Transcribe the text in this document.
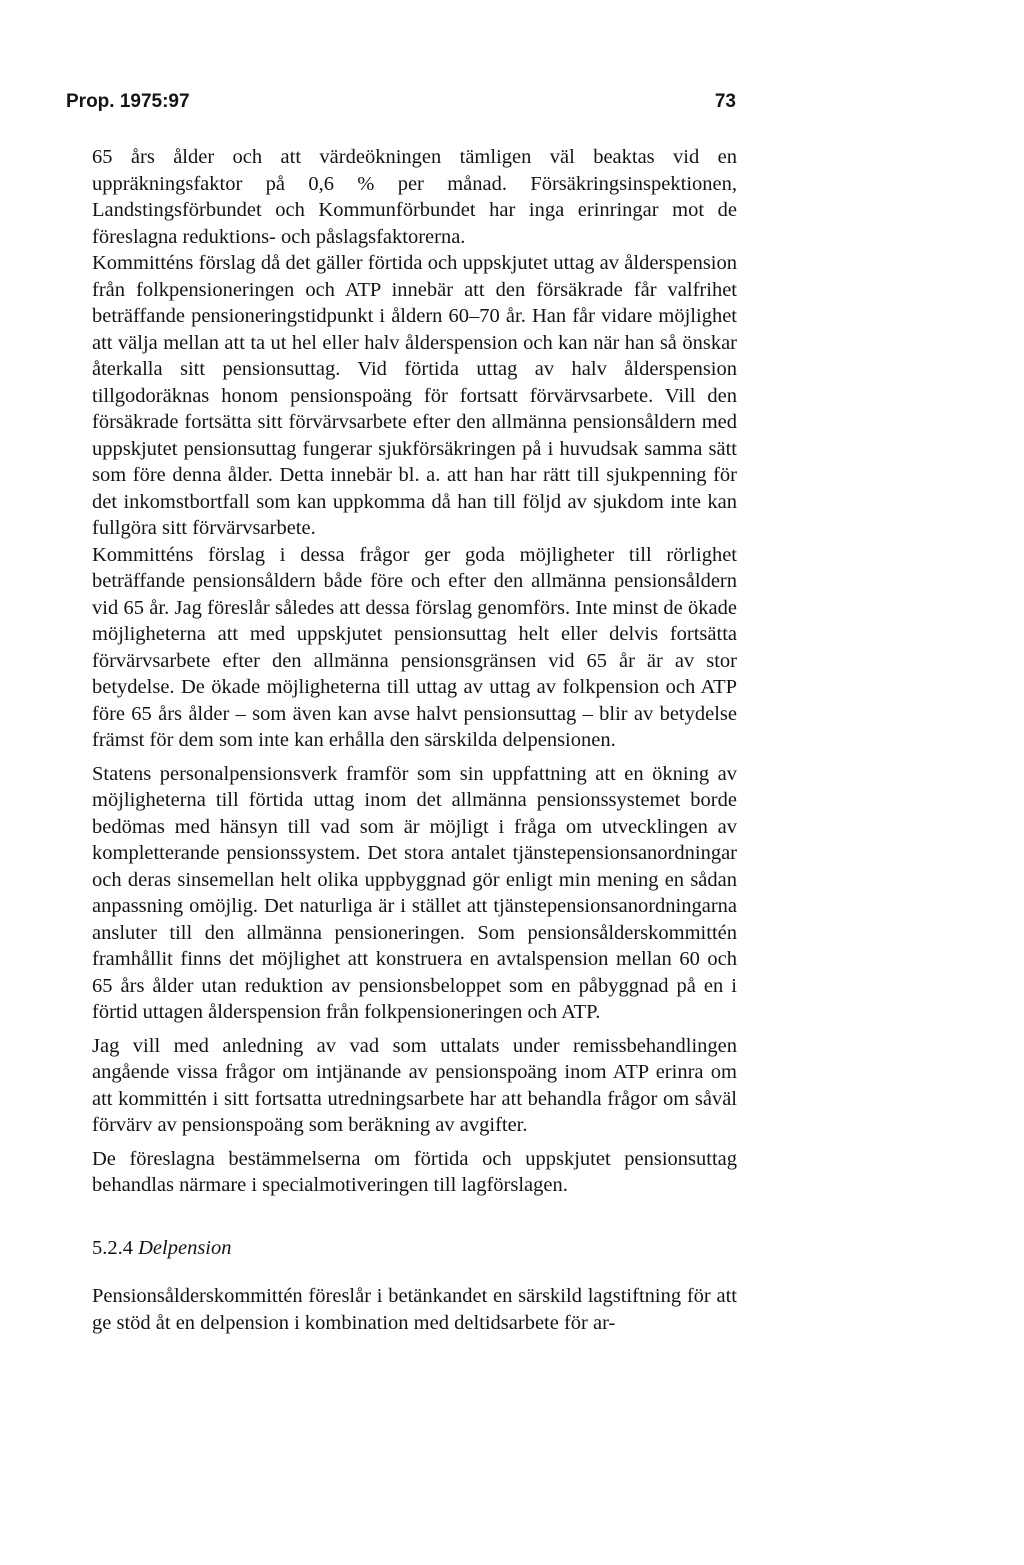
Prop. 1975:97	73

65 års ålder och att värdeökningen tämligen väl beaktas vid en uppräkningsfaktor på 0,6 % per månad. Försäkringsinspektionen, Landstingsförbundet och Kommunförbundet har inga erinringar mot de föreslagna reduktions- och påslagsfaktorerna.

Kommitténs förslag då det gäller förtida och uppskjutet uttag av ålderspension från folkpensioneringen och ATP innebär att den försäkrade får valfrihet beträffande pensioneringstidpunkt i åldern 60–70 år. Han får vidare möjlighet att välja mellan att ta ut hel eller halv ålderspension och kan när han så önskar återkalla sitt pensionsuttag. Vid förtida uttag av halv ålderspension tillgodoräknas honom pensionspoäng för fortsatt förvärvsarbete. Vill den försäkrade fortsätta sitt förvärvsarbete efter den allmänna pensionsåldern med uppskjutet pensionsuttag fungerar sjukförsäkringen på i huvudsak samma sätt som före denna ålder. Detta innebär bl. a. att han har rätt till sjukpenning för det inkomstbortfall som kan uppkomma då han till följd av sjukdom inte kan fullgöra sitt förvärvsarbete.

Kommitténs förslag i dessa frågor ger goda möjligheter till rörlighet beträffande pensionsåldern både före och efter den allmänna pensionsåldern vid 65 år. Jag föreslår således att dessa förslag genomförs. Inte minst de ökade möjligheterna att med uppskjutet pensionsuttag helt eller delvis fortsätta förvärvsarbete efter den allmänna pensionsgränsen vid 65 år är av stor betydelse. De ökade möjligheterna till uttag av uttag av folkpension och ATP före 65 års ålder – som även kan avse halvt pensionsuttag – blir av betydelse främst för dem som inte kan erhålla den särskilda delpensionen.

Statens personalpensionsverk framför som sin uppfattning att en ökning av möjligheterna till förtida uttag inom det allmänna pensionssystemet borde bedömas med hänsyn till vad som är möjligt i fråga om utvecklingen av kompletterande pensionssystem. Det stora antalet tjänstepensionsanordningar och deras sinsemellan helt olika uppbyggnad gör enligt min mening en sådan anpassning omöjlig. Det naturliga är i stället att tjänstepensionsanordningarna ansluter till den allmänna pensioneringen. Som pensionsålderskommittén framhållit finns det möjlighet att konstruera en avtalspension mellan 60 och 65 års ålder utan reduktion av pensionsbeloppet som en påbyggnad på en i förtid uttagen ålderspension från folkpensioneringen och ATP.

Jag vill med anledning av vad som uttalats under remissbehandlingen angående vissa frågor om intjänande av pensionspoäng inom ATP erinra om att kommittén i sitt fortsatta utredningsarbete har att behandla frågor om såväl förvärv av pensionspoäng som beräkning av avgifter.

De föreslagna bestämmelserna om förtida och uppskjutet pensionsuttag behandlas närmare i specialmotiveringen till lagförslagen.

5.2.4 Delpension

Pensionsålderskommittén föreslår i betänkandet en särskild lagstiftning för att ge stöd åt en delpension i kombination med deltidsarbete för ar-
